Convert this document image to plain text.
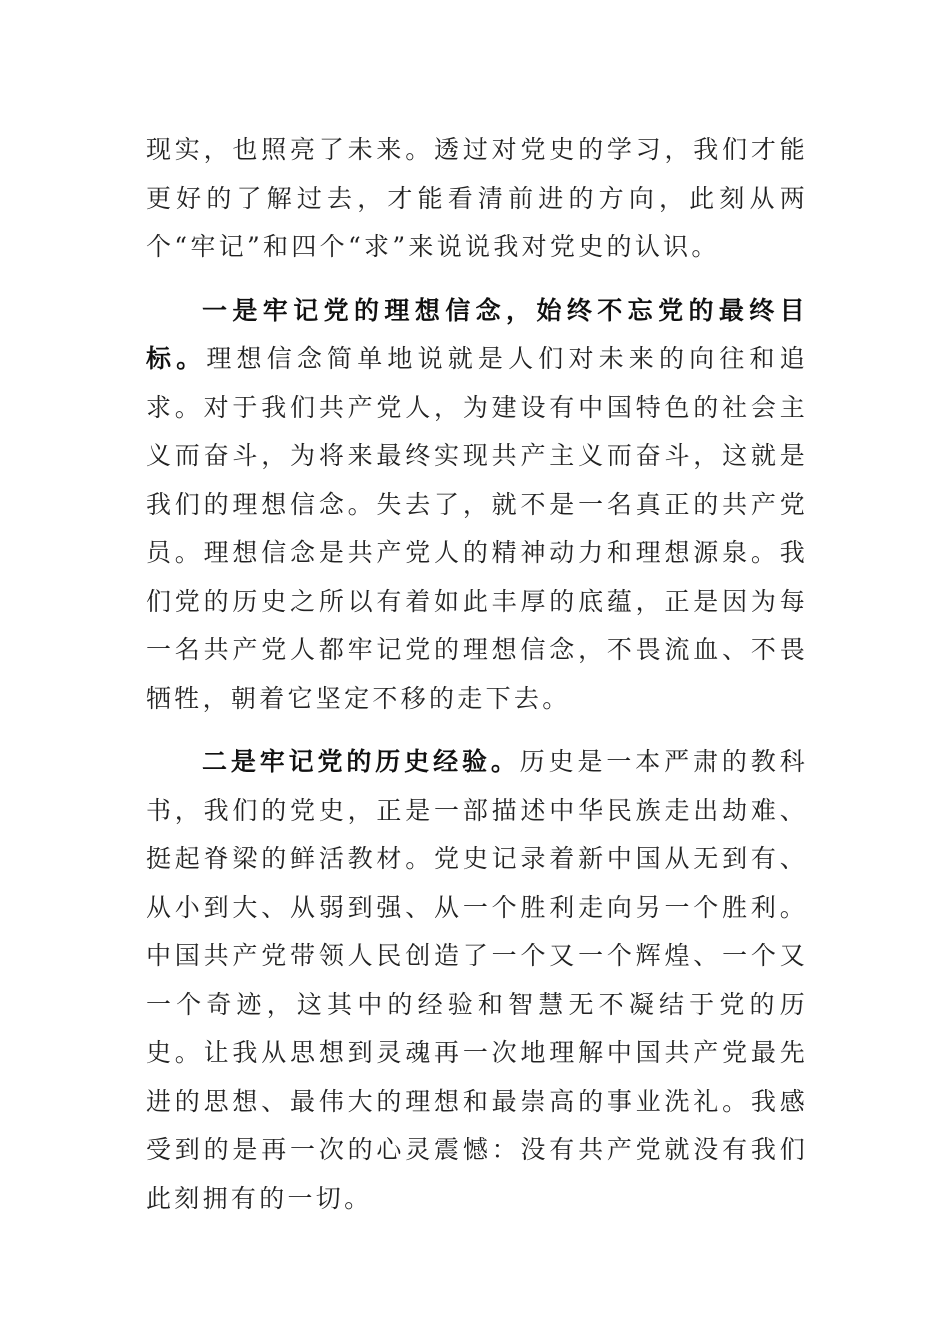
现实，也照亮了未来。透过对党史的学习，我们才能更好的了解过去，才能看清前进的方向，此刻从两个“牢记”和四个“求”来说说我对党史的认识。

一是牢记党的理想信念，始终不忘党的最终目标。理想信念简单地说就是人们对未来的向往和追求。对于我们共产党人，为建设有中国特色的社会主义而奋斗，为将来最终实现共产主义而奋斗，这就是我们的理想信念。失去了，就不是一名真正的共产党员。理想信念是共产党人的精神动力和理想源泉。我们党的历史之所以有着如此丰厚的底蕴，正是因为每一名共产党人都牢记党的理想信念，不畏流血、不畏牺牲，朝着它坚定不移的走下去。

二是牢记党的历史经验。历史是一本严肃的教科书，我们的党史，正是一部描述中华民族走出劫难、挺起脊梁的鲜活教材。党史记录着新中国从无到有、从小到大、从弱到强、从一个胜利走向另一个胜利。中国共产党带领人民创造了一个又一个辉煌、一个又一个奇迹，这其中的经验和智慧无不凝结于党的历史。让我从思想到灵魂再一次地理解中国共产党最先进的思想、最伟大的理想和最崇高的事业洗礼。我感受到的是再一次的心灵震憾：没有共产党就没有我们此刻拥有的一切。
